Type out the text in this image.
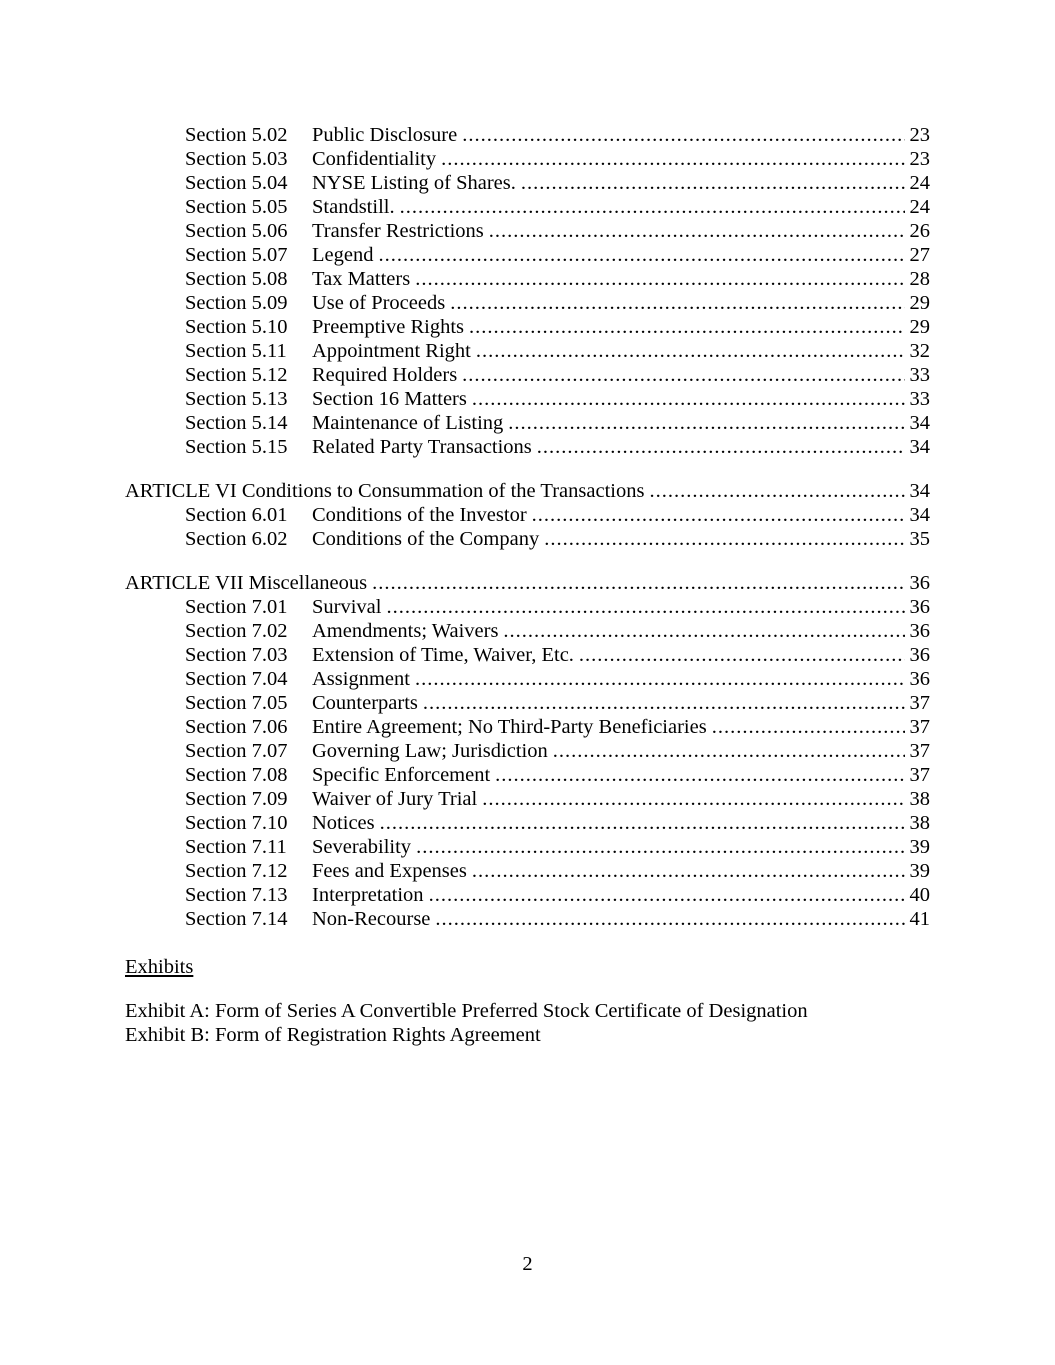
Section 5.02	Public Disclosure .....	23
Section 5.03	Confidentiality .....	23
Section 5.04	NYSE Listing of Shares. .....	24
Section 5.05	Standstill. .....	24
Section 5.06	Transfer Restrictions .....	26
Section 5.07	Legend .....	27
Section 5.08	Tax Matters .....	28
Section 5.09	Use of Proceeds .....	29
Section 5.10	Preemptive Rights .....	29
Section 5.11	Appointment Right .....	32
Section 5.12	Required Holders .....	33
Section 5.13	Section 16 Matters .....	33
Section 5.14	Maintenance of Listing .....	34
Section 5.15	Related Party Transactions .....	34
ARTICLE VI Conditions to Consummation of the Transactions .....	34
Section 6.01	Conditions of the Investor .....	34
Section 6.02	Conditions of the Company .....	35
ARTICLE VII Miscellaneous .....	36
Section 7.01	Survival .....	36
Section 7.02	Amendments; Waivers .....	36
Section 7.03	Extension of Time, Waiver, Etc. .....	36
Section 7.04	Assignment .....	36
Section 7.05	Counterparts .....	37
Section 7.06	Entire Agreement; No Third-Party Beneficiaries .....	37
Section 7.07	Governing Law; Jurisdiction .....	37
Section 7.08	Specific Enforcement .....	37
Section 7.09	Waiver of Jury Trial .....	38
Section 7.10	Notices .....	38
Section 7.11	Severability .....	39
Section 7.12	Fees and Expenses .....	39
Section 7.13	Interpretation .....	40
Section 7.14	Non-Recourse .....	41
Exhibits
Exhibit A: Form of Series A Convertible Preferred Stock Certificate of Designation
Exhibit B: Form of Registration Rights Agreement
2
